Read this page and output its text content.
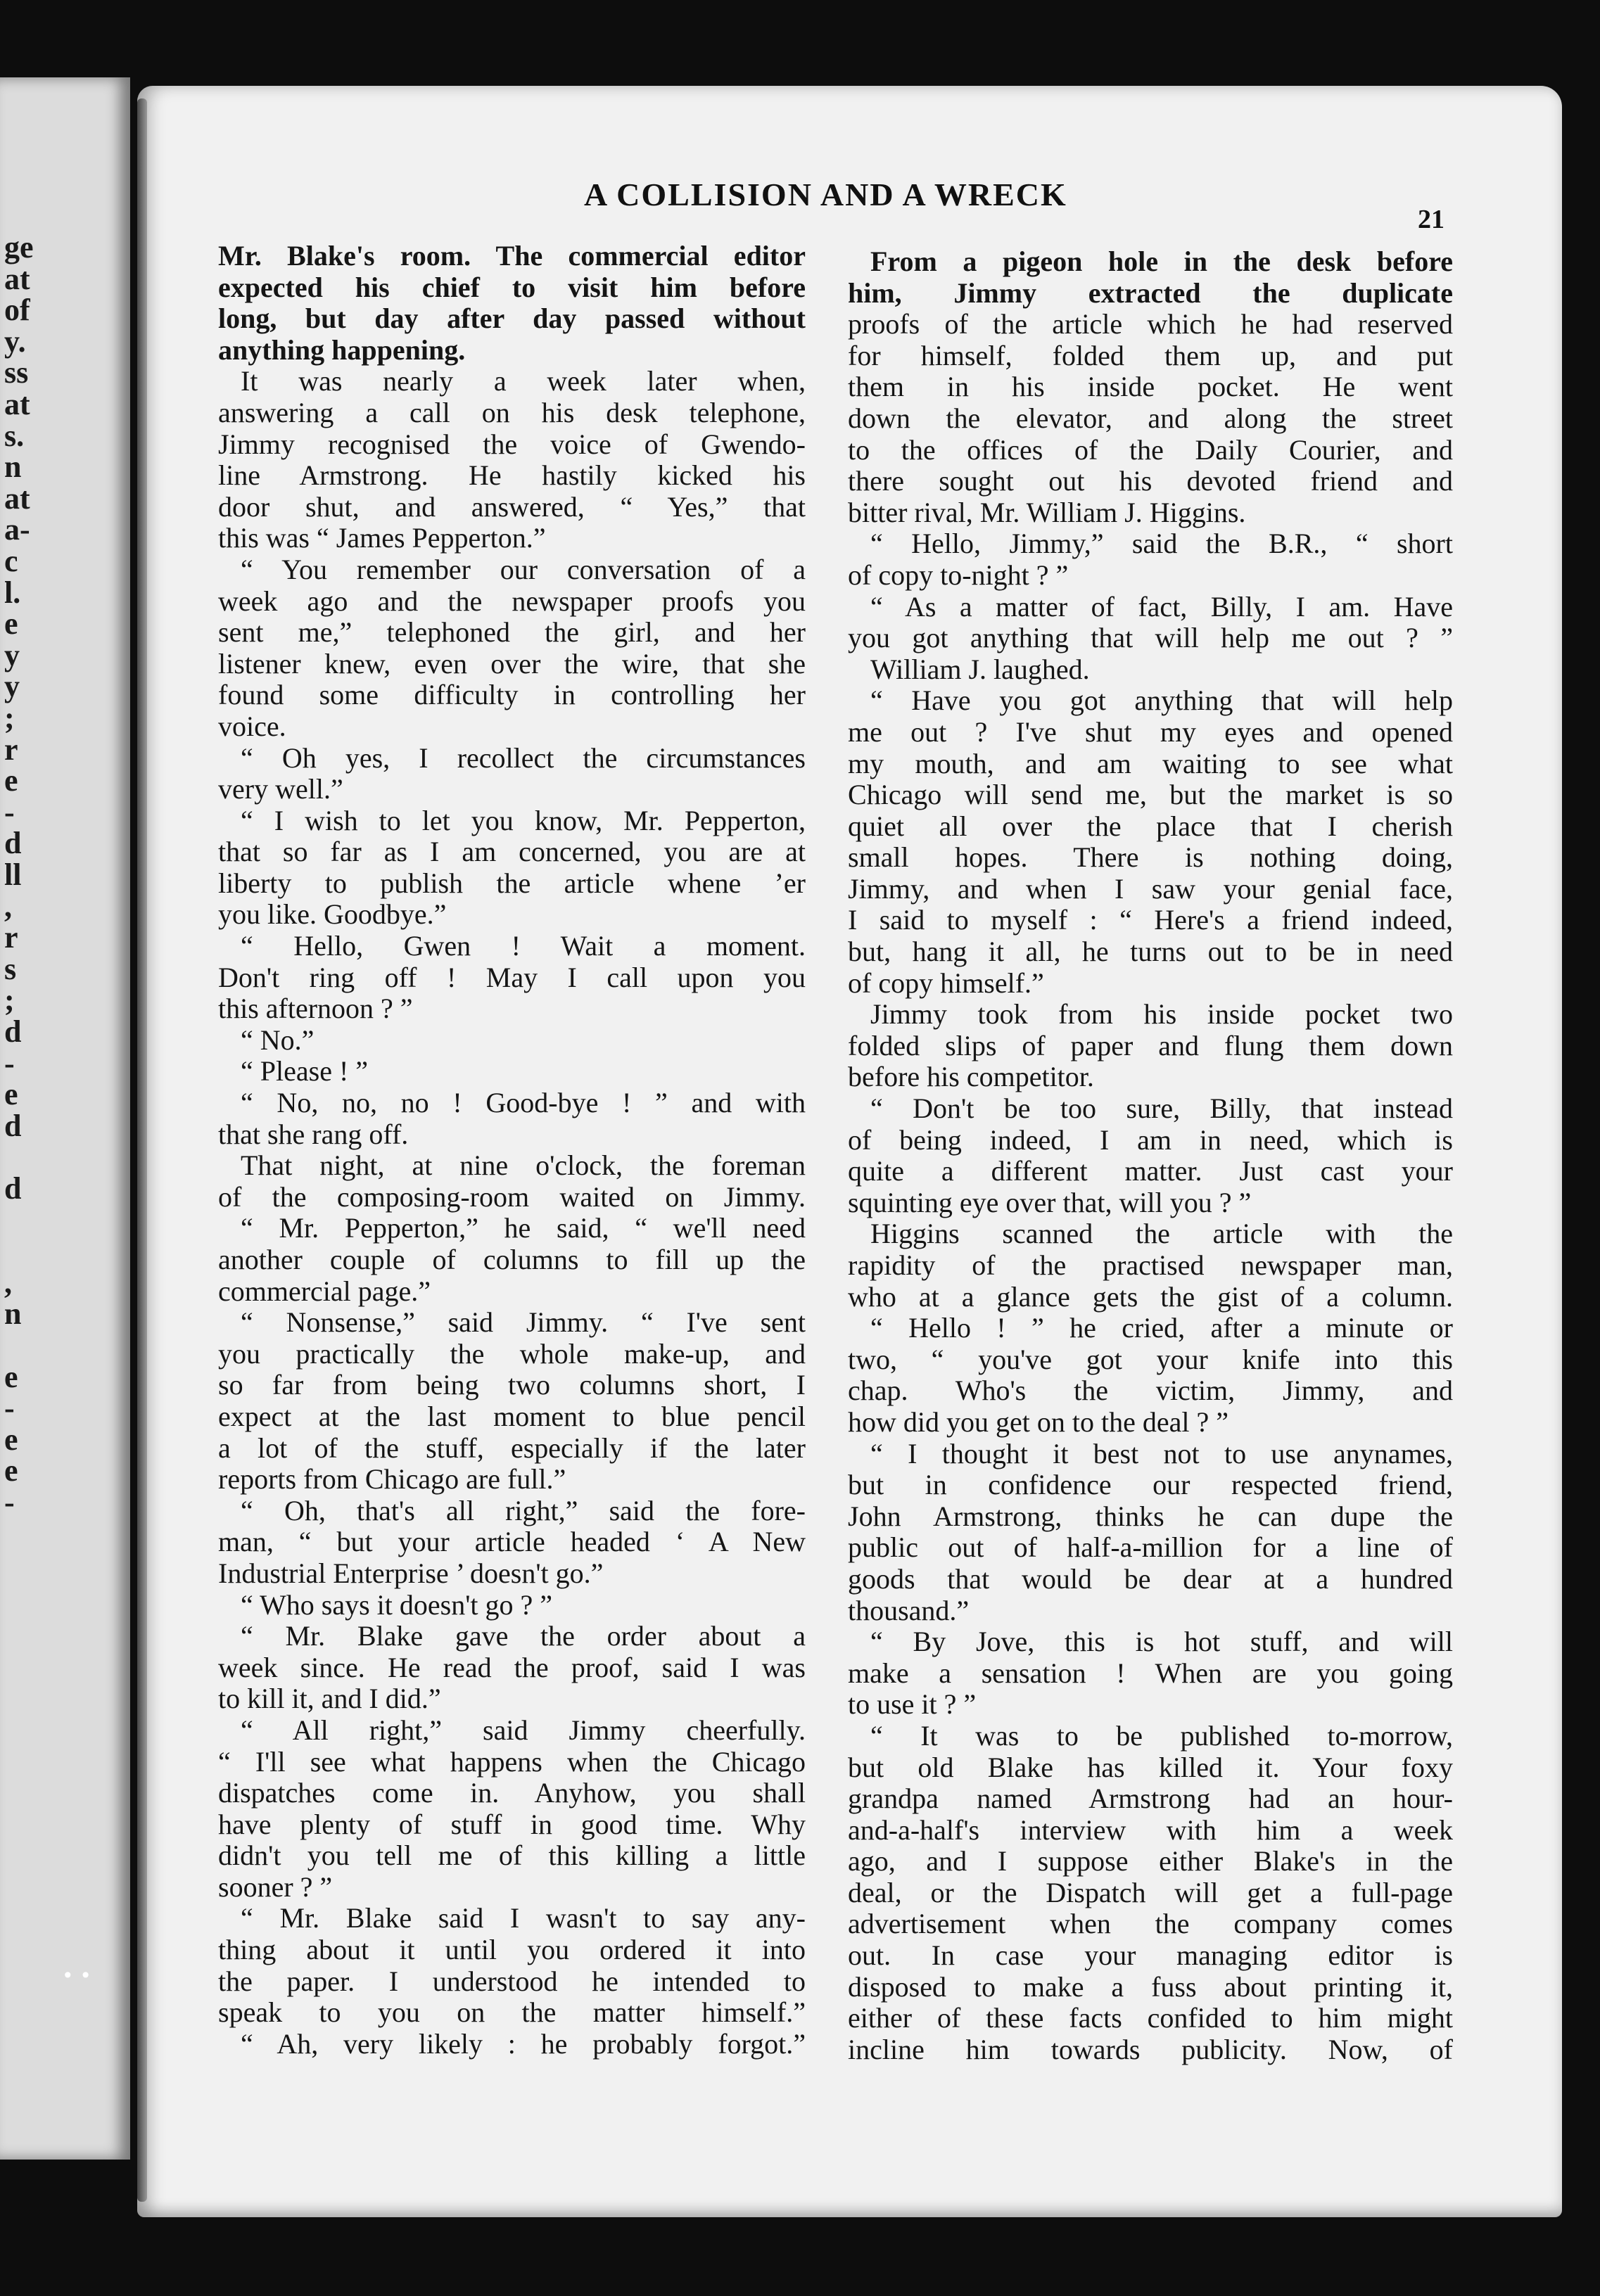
ge
at
of
y.
ss
at
s.
n
at
a-
c
l.
e
y
y
;
r
e
-
d
ll
,
r
s
;
d
-
e
d
d
,
n
e
-
e
e
-
A COLLISION AND A WRECK
21
Mr. Blake's room. The commercial editor
expected his chief to visit him before
long, but day after day passed without
anything happening.
It was nearly a week later when,
answering a call on his desk telephone,
Jimmy recognised the voice of Gwendo-
line Armstrong. He hastily kicked his
door shut, and answered, “ Yes,” that
this was “ James Pepperton.”
“ You remember our conversation of a
week ago and the newspaper proofs you
sent me,” telephoned the girl, and her
listener knew, even over the wire, that she
found some difficulty in controlling her
voice.
“ Oh yes, I recollect the circumstances
very well.”
“ I wish to let you know, Mr. Pepperton,
that so far as I am concerned, you are at
liberty to publish the article whene ’er
you like. Goodbye.”
“ Hello, Gwen ! Wait a moment.
Don't ring off ! May I call upon you
this afternoon ? ”
“ No.”
“ Please ! ”
“ No, no, no ! Good-bye ! ” and with
that she rang off.
That night, at nine o'clock, the foreman
of the composing-room waited on Jimmy.
“ Mr. Pepperton,” he said, “ we'll need
another couple of columns to fill up the
commercial page.”
“ Nonsense,” said Jimmy. “ I've sent
you practically the whole make-up, and
so far from being two columns short, I
expect at the last moment to blue pencil
a lot of the stuff, especially if the later
reports from Chicago are full.”
“ Oh, that's all right,” said the fore-
man, “ but your article headed ‘ A New
Industrial Enterprise ’ doesn't go.”
“ Who says it doesn't go ? ”
“ Mr. Blake gave the order about a
week since. He read the proof, said I was
to kill it, and I did.”
“ All right,” said Jimmy cheerfully.
“ I'll see what happens when the Chicago
dispatches come in. Anyhow, you shall
have plenty of stuff in good time. Why
didn't you tell me of this killing a little
sooner ? ”
“ Mr. Blake said I wasn't to say any-
thing about it until you ordered it into
the paper. I understood he intended to
speak to you on the matter himself.”
“ Ah, very likely : he probably forgot.”
From a pigeon hole in the desk before
him, Jimmy extracted the duplicate
proofs of the article which he had reserved
for himself, folded them up, and put
them in his inside pocket. He went
down the elevator, and along the street
to the offices of the Daily Courier, and
there sought out his devoted friend and
bitter rival, Mr. William J. Higgins.
“ Hello, Jimmy,” said the B.R., “ short
of copy to-night ? ”
“ As a matter of fact, Billy, I am. Have
you got anything that will help me out ? ”
William J. laughed.
“ Have you got anything that will help
me out ? I've shut my eyes and opened
my mouth, and am waiting to see what
Chicago will send me, but the market is so
quiet all over the place that I cherish
small hopes. There is nothing doing,
Jimmy, and when I saw your genial face,
I said to myself : “ Here's a friend indeed,
but, hang it all, he turns out to be in need
of copy himself.”
Jimmy took from his inside pocket two
folded slips of paper and flung them down
before his competitor.
“ Don't be too sure, Billy, that instead
of being indeed, I am in need, which is
quite a different matter. Just cast your
squinting eye over that, will you ? ”
Higgins scanned the article with the
rapidity of the practised newspaper man,
who at a glance gets the gist of a column.
“ Hello ! ” he cried, after a minute or
two, “ you've got your knife into this
chap. Who's the victim, Jimmy, and
how did you get on to the deal ? ”
“ I thought it best not to use anynames,
but in confidence our respected friend,
John Armstrong, thinks he can dupe the
public out of half-a-million for a line of
goods that would be dear at a hundred
thousand.”
“ By Jove, this is hot stuff, and will
make a sensation ! When are you going
to use it ? ”
“ It was to be published to-morrow,
but old Blake has killed it. Your foxy
grandpa named Armstrong had an hour-
and-a-half's interview with him a week
ago, and I suppose either Blake's in the
deal, or the Dispatch will get a full-page
advertisement when the company comes
out. In case your managing editor is
disposed to make a fuss about printing it,
either of these facts confided to him might
incline him towards publicity. Now, of
• •
